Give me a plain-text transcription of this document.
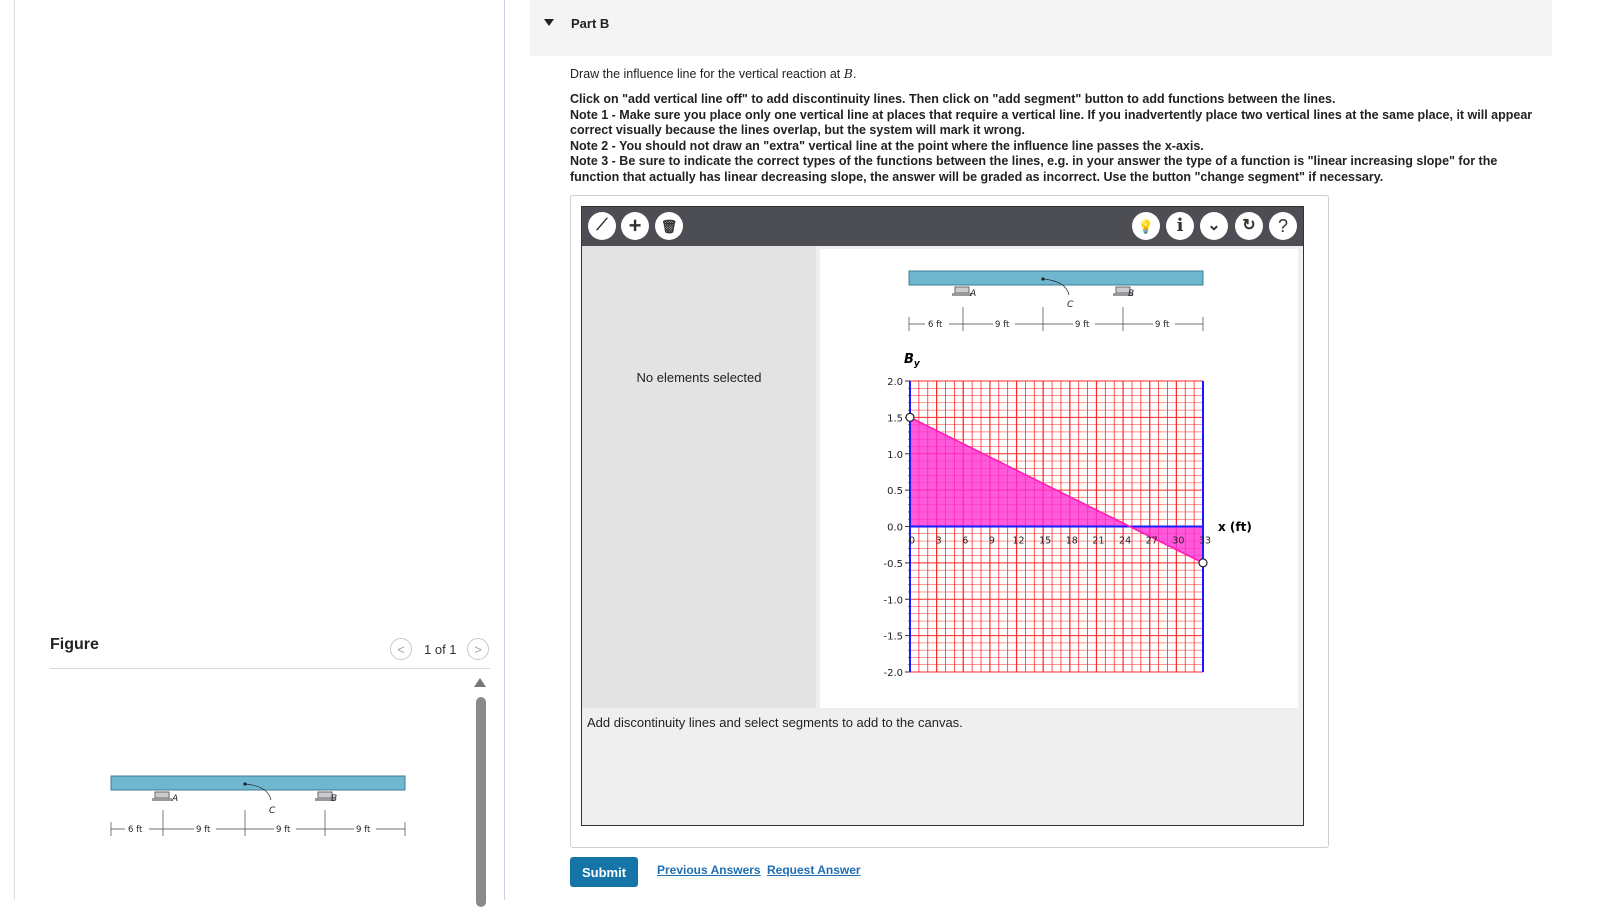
Figure	<	1 of 1	>
A	B
C
6 ft	9 ft	9 ft	9 ft
Part B
Draw the influence line for the vertical reaction at B.
Click on "add vertical line off" to add discontinuity lines. Then click on "add segment" button to add functions between the lines.
Note 1 - Make sure you place only one vertical line at places that require a vertical line. If you inadvertently place two vertical lines at the same place, it will appear correct visually because the lines overlap, but the system will mark it wrong.
Note 2 - You should not draw an "extra" vertical line at the point where the influence line passes the x-axis.
Note 3 - Be sure to indicate the correct types of the functions between the lines, e.g. in your answer the type of a function is "linear increasing slope" for the function that actually has linear decreasing slope, the answer will be graded as incorrect. Use the button "change segment" if necessary.
⟋ + 🗑	💡 i ⌄ ↻ ?
No elements selected
A	B
C
6 ft	9 ft	9 ft	9 ft
2.0
1.5
1.0
0.5
0.0
-0.5
-1.0
-1.5
-2.0
0 3 6 9 12 15 18 21 24 27 30 33
$B_y$
x (ft)
Add discontinuity lines and select segments to add to the canvas.
Submit	Previous Answers Request Answer
